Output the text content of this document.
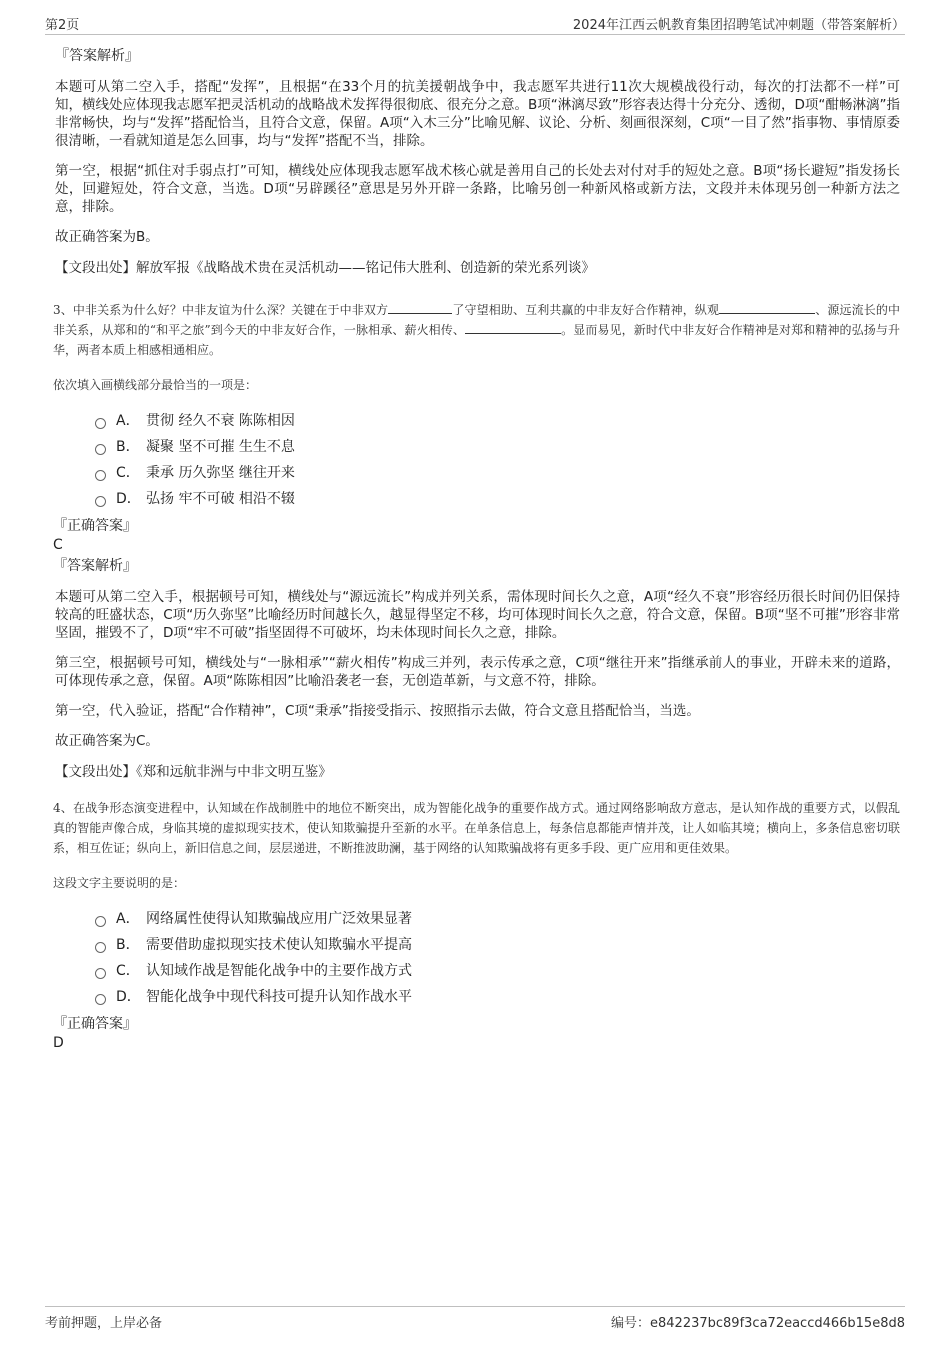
第2页	2024年江西云帆教育集团招聘笔试冲刺题（带答案解析）

『答案解析』

本题可从第二空入手，搭配“发挥”，且根据“在33个月的抗美援朝战争中，我志愿军共进行11次大规模战役行动，每次的打法都不一样”可知，横线处应体现我志愿军把灵活机动的战略战术发挥得很彻底、很充分之意。B项“淋漓尽致”形容表达得十分充分、透彻，D项“酣畅淋漓”指非常畅快，均与“发挥”搭配恰当，且符合文意，保留。A项“入木三分”比喻见解、议论、分析、刻画很深刻，C项“一目了然”指事物、事情原委很清晰，一看就知道是怎么回事，均与“发挥”搭配不当，排除。

第一空，根据“抓住对手弱点打”可知，横线处应体现我志愿军战术核心就是善用自己的长处去对付对手的短处之意。B项“扬长避短”指发扬长处，回避短处，符合文意，当选。D项“另辟蹊径”意思是另外开辟一条路，比喻另创一种新风格或新方法，文段并未体现另创一种新方法之意，排除。

故正确答案为B。

【文段出处】解放军报《战略战术贵在灵活机动——铭记伟大胜利、创造新的荣光系列谈》

3、中非关系为什么好？中非友谊为什么深？关键在于中非双方	了守望相助、互利共赢的中非友好合作精神，纵观	、源远流长的中非关系，从郑和的“和平之旅”到今天的中非友好合作，一脉相承、薪火相传、	。显而易见，新时代中非友好合作精神是对郑和精神的弘扬与升华，两者本质上相感相通相应。

依次填入画横线部分最恰当的一项是：

A． 贯彻 经久不衰 陈陈相因
B． 凝聚 坚不可摧 生生不息
C． 秉承 历久弥坚 继往开来
D． 弘扬 牢不可破 相沿不辍

『正确答案』

C

『答案解析』

本题可从第二空入手，根据顿号可知，横线处与“源远流长”构成并列关系，需体现时间长久之意，A项“经久不衰”形容经历很长时间仍旧保持较高的旺盛状态，C项“历久弥坚”比喻经历时间越长久，越显得坚定不移，均可体现时间长久之意，符合文意，保留。B项“坚不可摧”形容非常坚固，摧毁不了，D项“牢不可破”指坚固得不可破坏，均未体现时间长久之意，排除。

第三空，根据顿号可知，横线处与“一脉相承”“薪火相传”构成三并列，表示传承之意，C项“继往开来”指继承前人的事业，开辟未来的道路，可体现传承之意，保留。A项“陈陈相因”比喻沿袭老一套，无创造革新，与文意不符，排除。

第一空，代入验证，搭配“合作精神”，C项“秉承”指接受指示、按照指示去做，符合文意且搭配恰当，当选。

故正确答案为C。

【文段出处】《郑和远航非洲与中非文明互鉴》

4、在战争形态演变进程中，认知域在作战制胜中的地位不断突出，成为智能化战争的重要作战方式。通过网络影响敌方意志，是认知作战的重要方式，以假乱真的智能声像合成，身临其境的虚拟现实技术，使认知欺骗提升至新的水平。在单条信息上，每条信息都能声情并茂，让人如临其境；横向上，多条信息密切联系，相互佐证；纵向上，新旧信息之间，层层递进，不断推波助澜，基于网络的认知欺骗战将有更多手段、更广应用和更佳效果。

这段文字主要说明的是：

A． 网络属性使得认知欺骗战应用广泛效果显著
B． 需要借助虚拟现实技术使认知欺骗水平提高
C． 认知域作战是智能化战争中的主要作战方式
D． 智能化战争中现代科技可提升认知作战水平

『正确答案』

D

考前押题，上岸必备	编号：e842237bc89f3ca72eaccd466b15e8d8
